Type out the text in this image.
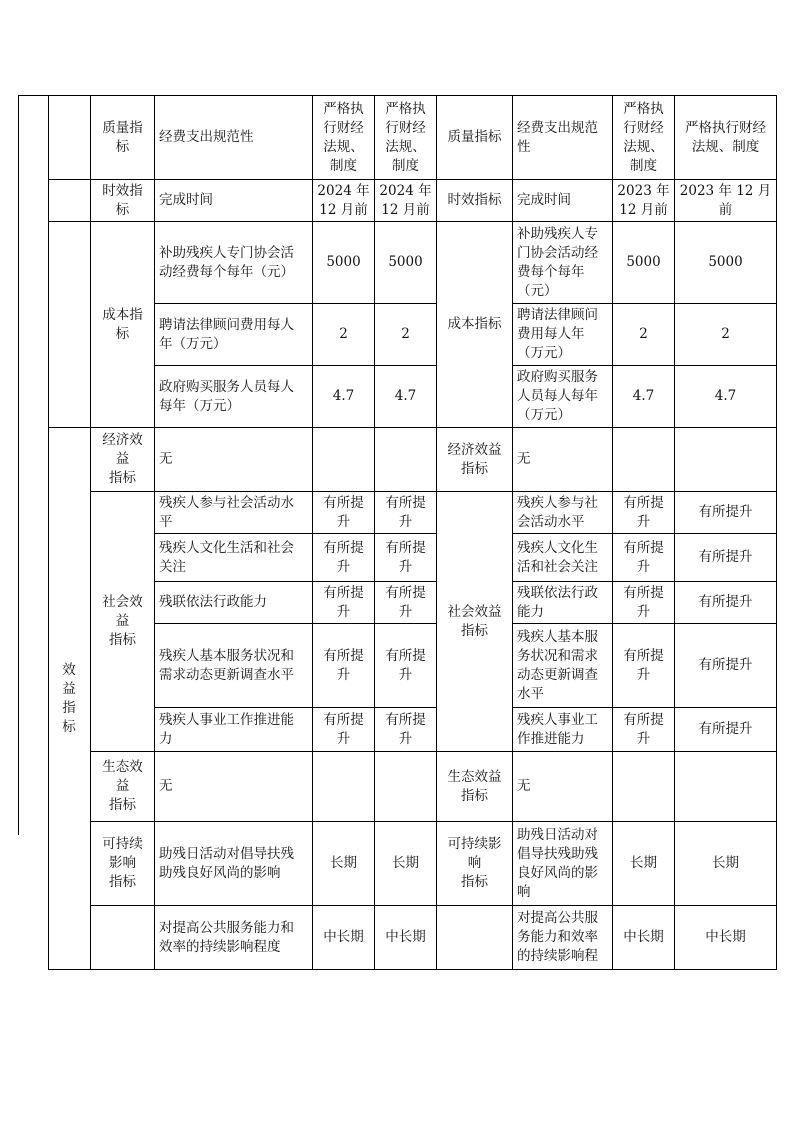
	质量指
标	经费支出规范性	严格执
行财经
法规、
制度	严格执
行财经
法规、
制度	质量指标	经费支出规范
性	严格执
行财经
法规、
制度	严格执行财经
法规、制度
	时效指
标	完成时间	2024 年
12 月前	2024 年
12 月前	时效指标	完成时间	2023 年
12 月前	2023 年 12 月
前
	成本指
标	补助残疾人专门协会活
动经费每个每年（元）	5000	5000	成本指标	补助残疾人专
门协会活动经
费每个每年
（元）	5000	5000
		聘请法律顾问费用每人
年（万元）	2	2		聘请法律顾问
费用每人年
（万元）	2	2
		政府购买服务人员每人
每年（万元）	4.7	4.7		政府购买服务
人员每人每年
（万元）	4.7	4.7
效
益
指
标	经济效
益
指标	无			经济效益
指标	无		
	社会效
益
指标	残疾人参与社会活动水
平	有所提
升	有所提
升	社会效益
指标	残疾人参与社
会活动水平	有所提
升	有所提升
		残疾人文化生活和社会
关注	有所提
升	有所提
升		残疾人文化生
活和社会关注	有所提
升	有所提升
		残联依法行政能力	有所提
升	有所提
升		残联依法行政
能力	有所提
升	有所提升
		残疾人基本服务状况和
需求动态更新调查水平	有所提
升	有所提
升		残疾人基本服
务状况和需求
动态更新调查
水平	有所提
升	有所提升
		残疾人事业工作推进能
力	有所提
升	有所提
升		残疾人事业工
作推进能力	有所提
升	有所提升
	生态效
益
指标	无			生态效益
指标	无		
	可持续
影响
指标	助残日活动对倡导扶残
助残良好风尚的影响	长期	长期	可持续影
响
指标	助残日活动对
倡导扶残助残
良好风尚的影
响	长期	长期
		对提高公共服务能力和
效率的持续影响程度	中长期	中长期		对提高公共服
务能力和效率
的持续影响程	中长期	中长期
